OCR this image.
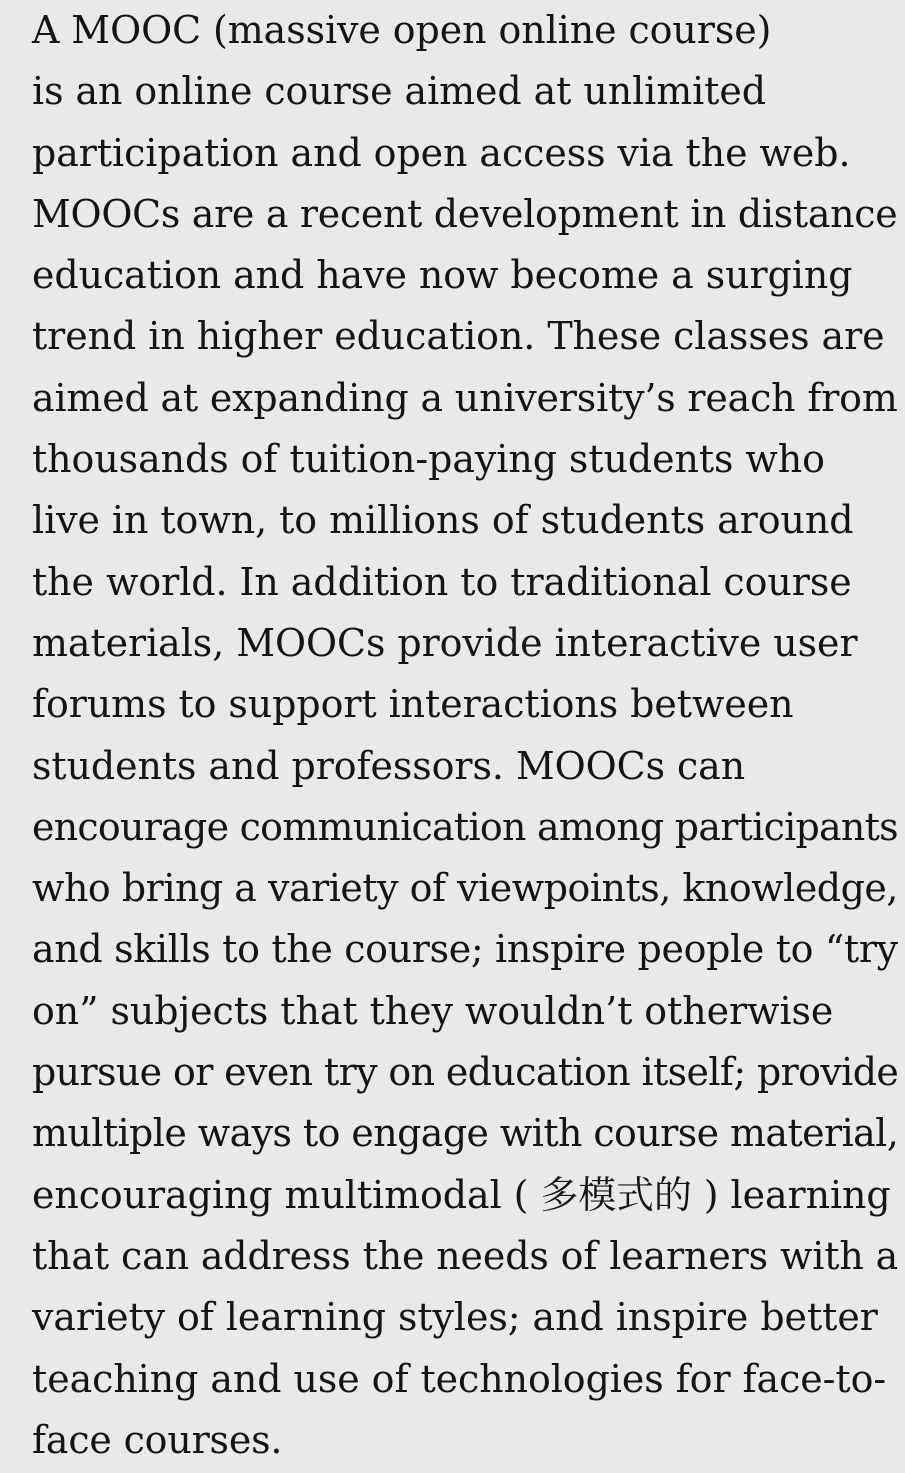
A MOOC (massive open online course)
is an online course aimed at unlimited
participation and open access via the web.
MOOCs are a recent development in distance
education and have now become a surging
trend in higher education. These classes are
aimed at expanding a university’s reach from
thousands of tuition-paying students who
live in town, to millions of students around
the world. In addition to traditional course
materials, MOOCs provide interactive user
forums to support interactions between
students and professors. MOOCs can
encourage communication among participants
who bring a variety of viewpoints, knowledge,
and skills to the course; inspire people to “try
on” subjects that they wouldn’t otherwise
pursue or even try on education itself; provide
multiple ways to engage with course material,
encouraging multimodal ( 多模式的 ) learning
that can address the needs of learners with a
variety of learning styles; and inspire better
teaching and use of technologies for face-to-
face courses.
